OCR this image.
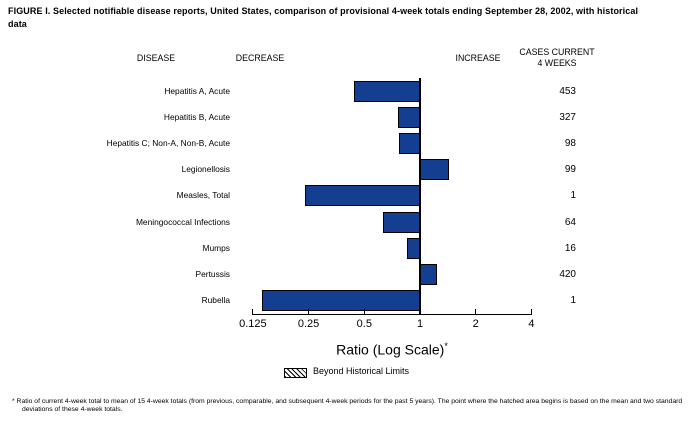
FIGURE I. Selected notifiable disease reports, United States, comparison of provisional 4-week totals ending September 28, 2002, with historical data
DISEASE	DECREASE	INCREASE
CASES CURRENT
4 WEEKS
Hepatitis A, Acute	453
Hepatitis B, Acute	327
Hepatitis C; Non-A, Non-B, Acute	98
Legionellosis	99
Measles, Total	1
Meningococcal Infections	64
Mumps	16
Pertussis	420
Rubella	1
0.125	0.25	0.5	1	2	4
Ratio (Log Scale)*
Beyond Historical Limits
* Ratio of current 4-week total to mean of 15 4-week totals (from previous, comparable, and subsequent 4-week periods for the past 5 years). The point where the hatched area begins is based on the mean and two standard deviations of these 4-week totals.
